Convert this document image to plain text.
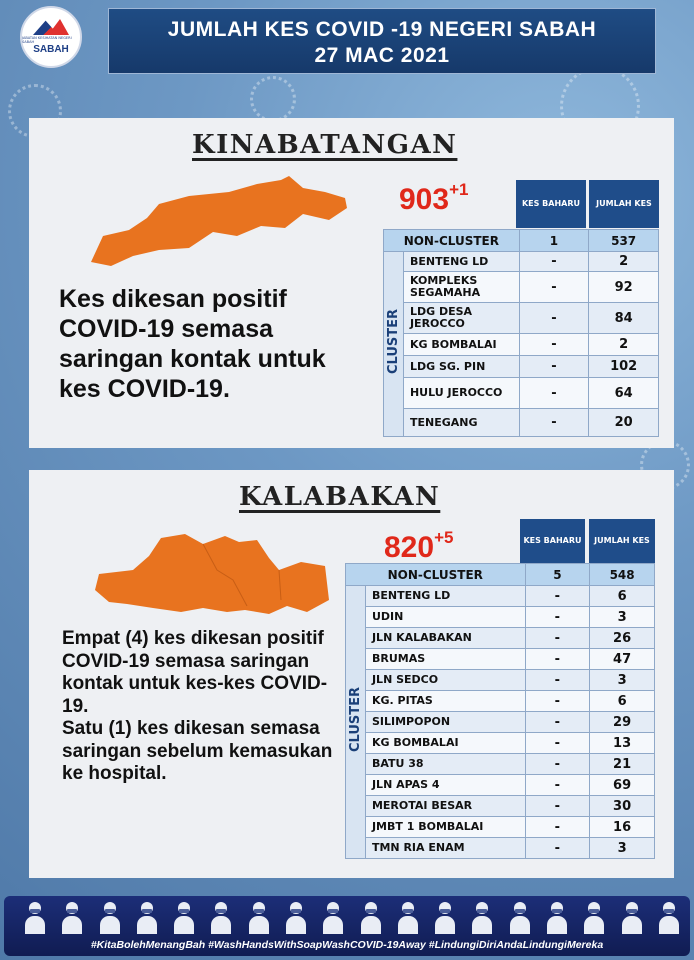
JABATAN KESIHATAN NEGERI SABAH
SABAH
JUMLAH KES COVID -19 NEGERI SABAH
27 MAC 2021
KINABATANGAN
$903^{+1}$
KES BAHARU	JUMLAH KES
Kes dikesan positif COVID-19 semasa saringan kontak untuk kes COVID-19.
NON-CLUSTER		1	537
CLUSTER	BENTENG LD	-	2
	KOMPLEKS SEGAMAHA	-	92
	LDG DESA JEROCCO	-	84
	KG BOMBALAI	-	2
	LDG SG. PIN	-	102
	HULU JEROCCO	-	64
	TENEGANG	-	20
KALABAKAN
$820^{+5}$	KES BAHARU	JUMLAH KES
Empat (4) kes dikesan positif COVID-19 semasa saringan kontak untuk kes-kes COVID-19.
Satu (1) kes dikesan semasa saringan sebelum kemasukan ke hospital.
NON-CLUSTER		5	548
CLUSTER	BENTENG LD	-	6
	UDIN	-	3
	JLN KALABAKAN	-	26
	BRUMAS	-	47
	JLN SEDCO	-	3
	KG. PITAS	-	6
	SILIMPOPON	-	29
	KG BOMBALAI	-	13
	BATU 38	-	21
	JLN APAS 4	-	69
	MEROTAI BESAR	-	30
	JMBT 1 BOMBALAI	-	16
	TMN RIA ENAM	-	3
#KitaBolehMenangBah #WashHandsWithSoapWashCOVID-19Away #LindungiDiriAndaLindungiMereka
